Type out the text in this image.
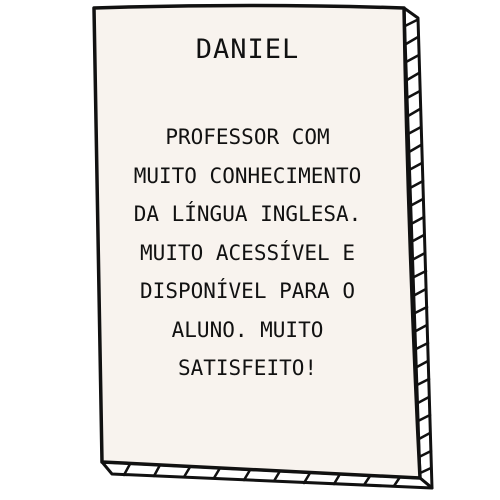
DANIEL

PROFESSOR COM
MUITO CONHECIMENTO
DA LÍNGUA INGLESA.
MUITO ACESSÍVEL E
DISPONÍVEL PARA O
ALUNO. MUITO
SATISFEITO!
